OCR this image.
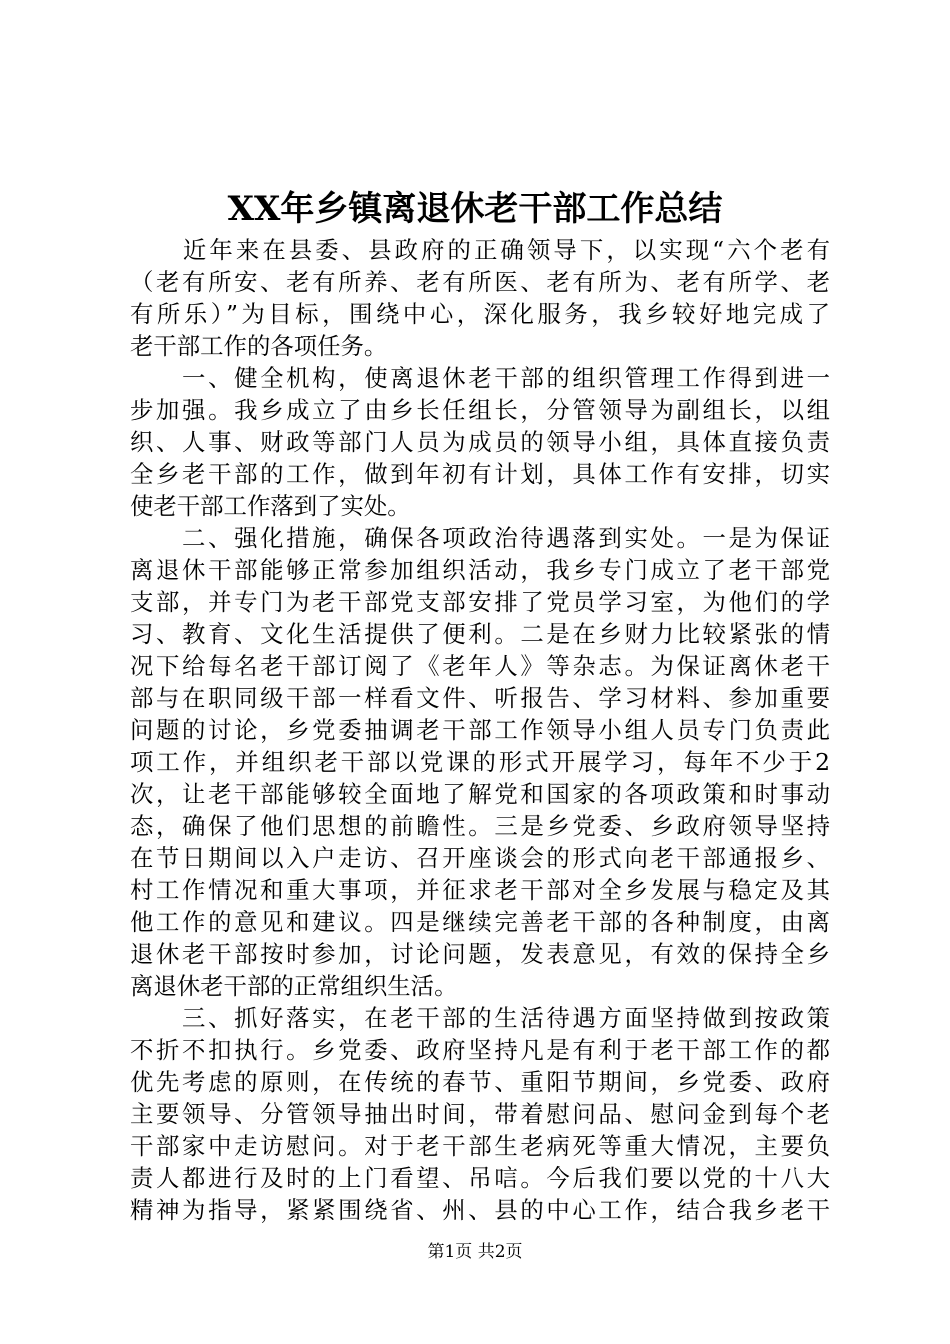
XX年乡镇离退休老干部工作总结
　　近年来在县委、县政府的正确领导下，以实现“六个老有
（老有所安、老有所养、老有所医、老有所为、老有所学、老
有所乐）”为目标，围绕中心，深化服务，我乡较好地完成了
老干部工作的各项任务。
　　一、健全机构，使离退休老干部的组织管理工作得到进一
步加强。我乡成立了由乡长任组长，分管领导为副组长，以组
织、人事、财政等部门人员为成员的领导小组，具体直接负责
全乡老干部的工作，做到年初有计划，具体工作有安排，切实
使老干部工作落到了实处。
　　二、强化措施，确保各项政治待遇落到实处。一是为保证
离退休干部能够正常参加组织活动，我乡专门成立了老干部党
支部，并专门为老干部党支部安排了党员学习室，为他们的学
习、教育、文化生活提供了便利。二是在乡财力比较紧张的情
况下给每名老干部订阅了《老年人》等杂志。为保证离休老干
部与在职同级干部一样看文件、听报告、学习材料、参加重要
问题的讨论，乡党委抽调老干部工作领导小组人员专门负责此
项工作，并组织老干部以党课的形式开展学习，每年不少于2
次，让老干部能够较全面地了解党和国家的各项政策和时事动
态，确保了他们思想的前瞻性。三是乡党委、乡政府领导坚持
在节日期间以入户走访、召开座谈会的形式向老干部通报乡、
村工作情况和重大事项，并征求老干部对全乡发展与稳定及其
他工作的意见和建议。四是继续完善老干部的各种制度，由离
退休老干部按时参加，讨论问题，发表意见，有效的保持全乡
离退休老干部的正常组织生活。
　　三、抓好落实，在老干部的生活待遇方面坚持做到按政策
不折不扣执行。乡党委、政府坚持凡是有利于老干部工作的都
优先考虑的原则，在传统的春节、重阳节期间，乡党委、政府
主要领导、分管领导抽出时间，带着慰问品、慰问金到每个老
干部家中走访慰问。对于老干部生老病死等重大情况，主要负
责人都进行及时的上门看望、吊唁。今后我们要以党的十八大
精神为指导，紧紧围绕省、州、县的中心工作，结合我乡老干
第1页 共2页
